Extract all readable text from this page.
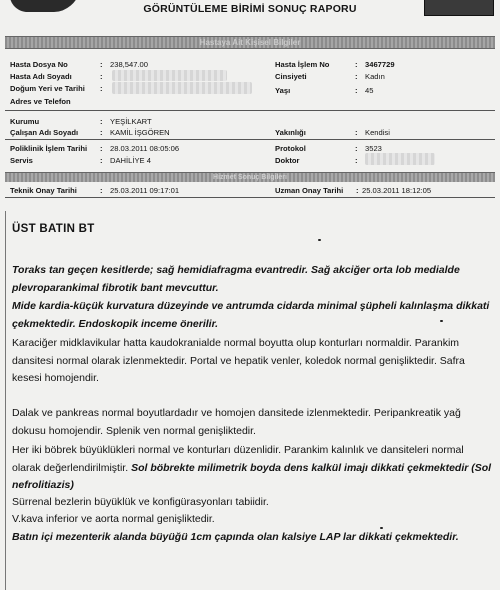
GÖRÜNTÜLEME BİRİMİ SONUÇ RAPORU
Hastaya Ait Kişisel Bilgiler
Hasta Dosya No	: 238,547.00	Hasta İşlem No	: 3467729
Hasta Adı Soyadı	:	Cinsiyeti	: Kadın
Doğum Yeri ve Tarihi :	Yaşı	: 45
Adres ve Telefon
Kurumu	: YEŞİLKART
Çalışan Adı Soyadı	: KAMİL İŞGÖREN	Yakınlığı	: Kendisi
Poliklinik İşlem Tarihi : 28.03.2011 08:05:06	Protokol	: 3523
Servis	: DAHİLİYE 4	Doktor	:
Hizmet Sonuç Bilgileri
Teknik Onay Tarihi	: 25.03.2011 09:17:01	Uzman Onay Tarihi : 25.03.2011 18:12:05
ÜST BATIN BT
Toraks tan geçen kesitlerde; sağ hemidiafragma evantredir. Sağ akciğer orta lob medialde plevroparankimal fibrotik bant mevcuttur.
Mide kardia-küçük kurvatura düzeyinde ve antrumda cidarda minimal şüpheli kalınlaşma dikkati çekmektedir. Endoskopik inceme önerilir.
Karaciğer midklavikular hatta kaudokranialde normal boyutta olup konturları normaldir. Parankim dansitesi normal olarak izlenmektedir. Portal ve hepatik venler, koledok normal genişliktedir. Safra kesesi homojendir.
Dalak ve pankreas normal boyutlardadır ve homojen dansitede izlenmektedir. Peripankreatik yağ dokusu homojendir. Splenik ven normal genişliktedir.
Her iki böbrek büyüklükleri normal ve konturları düzenlidir. Parankim kalınlık ve dansiteleri normal olarak değerlendirilmiştir. Sol böbrekte milimetrik boyda dens kalkül imajı dikkati çekmektedir (Sol nefrolitiazis)
Sürrenal bezlerin büyüklük ve konfigürasyonları tabiidir.
V.kava inferior ve aorta normal genişliktedir.
Batın içi mezenterik alanda büyüğü 1cm çapında olan kalsiye LAP lar dikkati çekmektedir.
